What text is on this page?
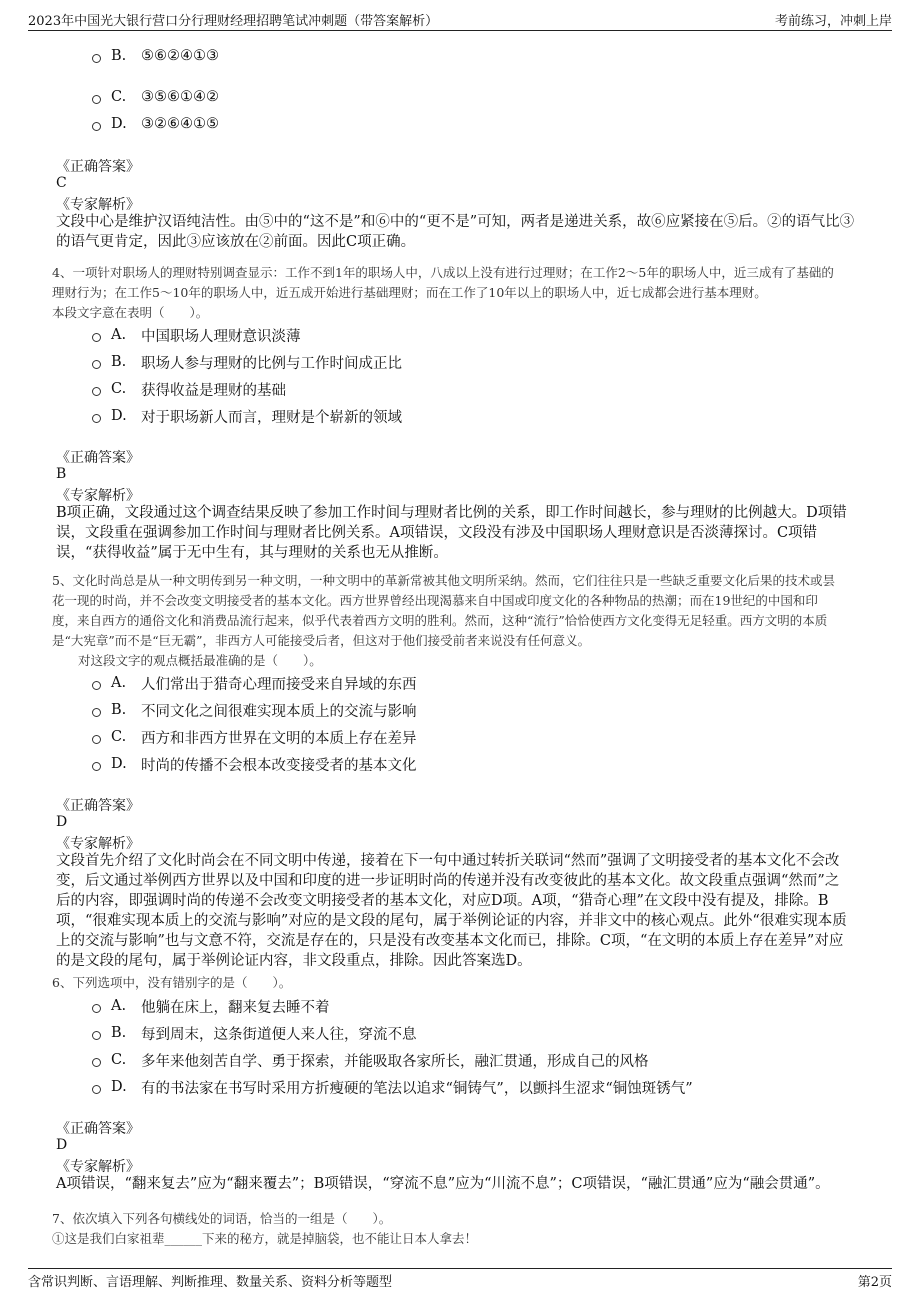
2023年中国光大银行营口分行理财经理招聘笔试冲刺题（带答案解析）	考前练习，冲刺上岸
B.	⑤⑥②④①③
C.	③⑤⑥①④②
D. ③②⑥④①⑤
《正确答案》
C
《专家解析》
文段中心是维护汉语纯洁性。由⑤中的“这不是”和⑥中的“更不是”可知，两者是递进关系，故⑥应紧接在⑤后。②的语气比③
的语气更肯定，因此③应该放在②前面。因此C项正确。
4、一项针对职场人的理财特别调查显示：工作不到1年的职场人中，八成以上没有进行过理财；在工作2～5年的职场人中，近三成有了基础的
理财行为；在工作5～10年的职场人中，近五成开始进行基础理财；而在工作了10年以上的职场人中，近七成都会进行基本理财。
本段文字意在表明（　　）。
A.	中国职场人理财意识淡薄
B.	职场人参与理财的比例与工作时间成正比
C.	获得收益是理财的基础
D. 对于职场新人而言，理财是个崭新的领域
《正确答案》
B
《专家解析》
B项正确，文段通过这个调查结果反映了参加工作时间与理财者比例的关系，即工作时间越长，参与理财的比例越大。D项错
误，文段重在强调参加工作时间与理财者比例关系。A项错误，文段没有涉及中国职场人理财意识是否淡薄探讨。C项错
误，“获得收益”属于无中生有，其与理财的关系也无从推断。
5、文化时尚总是从一种文明传到另一种文明，一种文明中的革新常被其他文明所采纳。然而，它们往往只是一些缺乏重要文化后果的技术或昙
花一现的时尚，并不会改变文明接受者的基本文化。西方世界曾经出现渴慕来自中国或印度文化的各种物品的热潮；而在19世纪的中国和印
度，来自西方的通俗文化和消费品流行起来，似乎代表着西方文明的胜利。然而，这种“流行”恰恰使西方文化变得无足轻重。西方文明的本质
是“大宪章”而不是“巨无霸”，非西方人可能接受后者，但这对于他们接受前者来说没有任何意义。
对这段文字的观点概括最准确的是（　　）。
A.	人们常出于猎奇心理而接受来自异域的东西
B.	不同文化之间很难实现本质上的交流与影响
C.	西方和非西方世界在文明的本质上存在差异
D. 时尚的传播不会根本改变接受者的基本文化
《正确答案》
D
《专家解析》
文段首先介绍了文化时尚会在不同文明中传递，接着在下一句中通过转折关联词“然而”强调了文明接受者的基本文化不会改
变，后文通过举例西方世界以及中国和印度的进一步证明时尚的传递并没有改变彼此的基本文化。故文段重点强调“然而”之
后的内容，即强调时尚的传递不会改变文明接受者的基本文化，对应D项。A项，“猎奇心理”在文段中没有提及，排除。B
项，“很难实现本质上的交流与影响”对应的是文段的尾句，属于举例论证的内容，并非文中的核心观点。此外“很难实现本质
上的交流与影响”也与文意不符，交流是存在的，只是没有改变基本文化而已，排除。C项，“在文明的本质上存在差异”对应
的是文段的尾句，属于举例论证内容，非文段重点，排除。因此答案选D。
6、下列选项中，没有错别字的是（　　）。
A.	他躺在床上，翻来复去睡不着
B.	每到周末，这条街道便人来人往，穿流不息
C.	多年来他刻苦自学、勇于探索，并能吸取各家所长，融汇贯通，形成自己的风格
D. 有的书法家在书写时采用方折瘦硬的笔法以追求“铜铸气”，以颤抖生涩求“铜蚀斑锈气”
《正确答案》
D
《专家解析》
A项错误，“翻来复去”应为“翻来覆去”；B项错误，“穿流不息”应为“川流不息”；C项错误，“融汇贯通”应为“融会贯通”。
7、依次填入下列各句横线处的词语，恰当的一组是（　　）。
①这是我们白家祖辈______下来的秘方，就是掉脑袋，也不能让日本人拿去！
含常识判断、言语理解、判断推理、数量关系、资料分析等题型	第2页
